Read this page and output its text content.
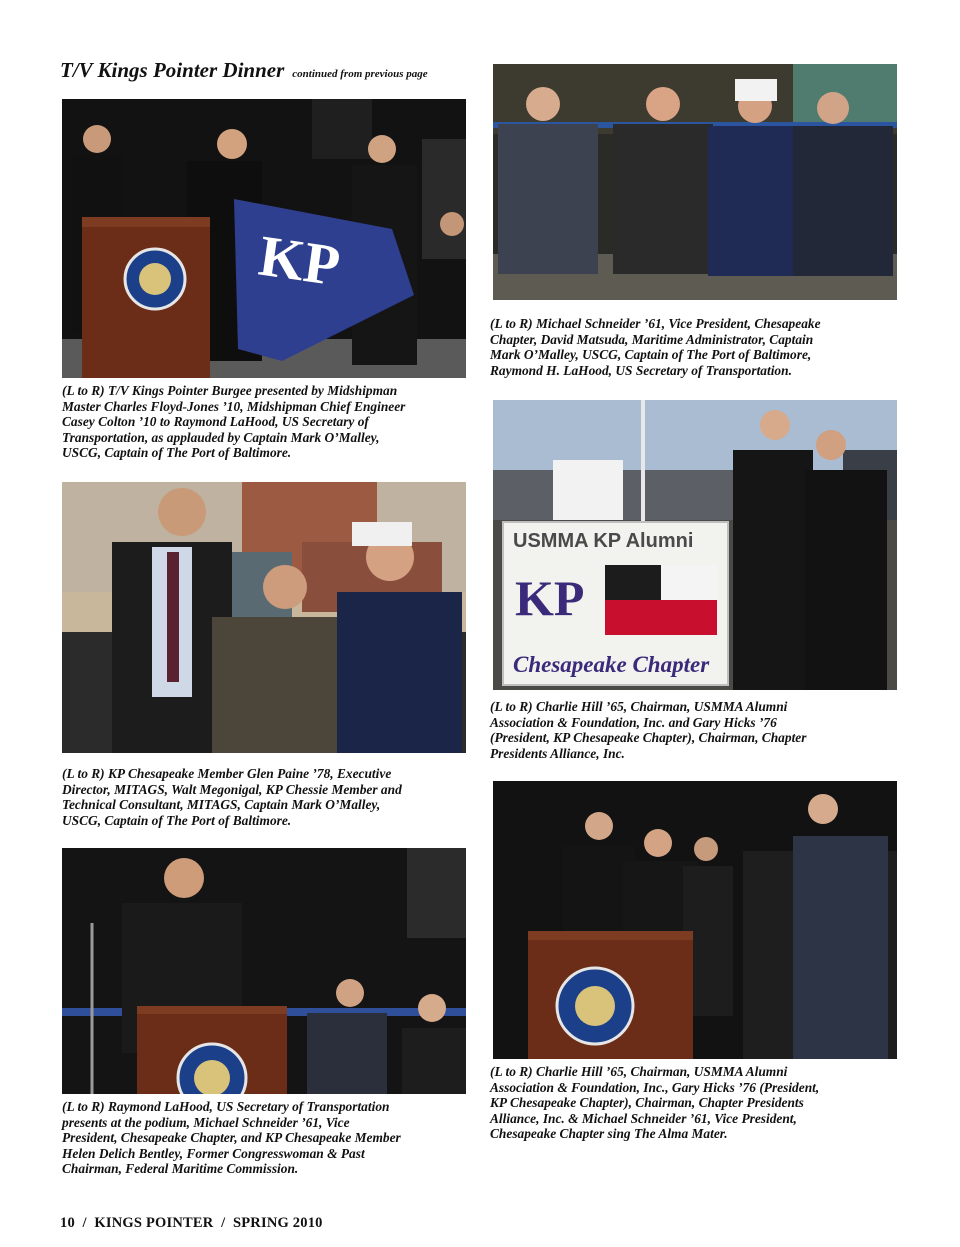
T/V Kings Pointer Dinner continued from previous page
KP
(L to R) T/V Kings Pointer Burgee presented by Midshipman
Master Charles Floyd-Jones ’10, Midshipman Chief Engineer
Casey Colton ’10 to Raymond LaHood, US Secretary of
Transportation, as applauded by Captain Mark O’Malley,
USCG, Captain of The Port of Baltimore.
(L to R) Michael Schneider ’61, Vice President, Chesapeake
Chapter, David Matsuda, Maritime Administrator, Captain
Mark O’Malley, USCG, Captain of The Port of Baltimore,
Raymond H. LaHood, US Secretary of Transportation.
(L to R) KP Chesapeake Member Glen Paine ’78, Executive
Director, MITAGS, Walt Megonigal, KP Chessie Member and
Technical Consultant, MITAGS, Captain Mark O’Malley,
USCG, Captain of The Port of Baltimore.
USMMA KP Alumni
KP
Chesapeake Chapter
(L to R) Charlie Hill ’65, Chairman, USMMA Alumni
Association & Foundation, Inc. and Gary Hicks ’76
(President, KP Chesapeake Chapter), Chairman, Chapter
Presidents Alliance, Inc.
(L to R) Raymond LaHood, US Secretary of Transportation
presents at the podium, Michael Schneider ’61, Vice
President, Chesapeake Chapter, and KP Chesapeake Member
Helen Delich Bentley, Former Congresswoman & Past
Chairman, Federal Maritime Commission.
(L to R) Charlie Hill ’65, Chairman, USMMA Alumni
Association & Foundation, Inc., Gary Hicks ’76 (President,
KP Chesapeake Chapter), Chairman, Chapter Presidents
Alliance, Inc. & Michael Schneider ’61, Vice President,
Chesapeake Chapter sing The Alma Mater.
10  /  KINGS POINTER  /  SPRING 2010
